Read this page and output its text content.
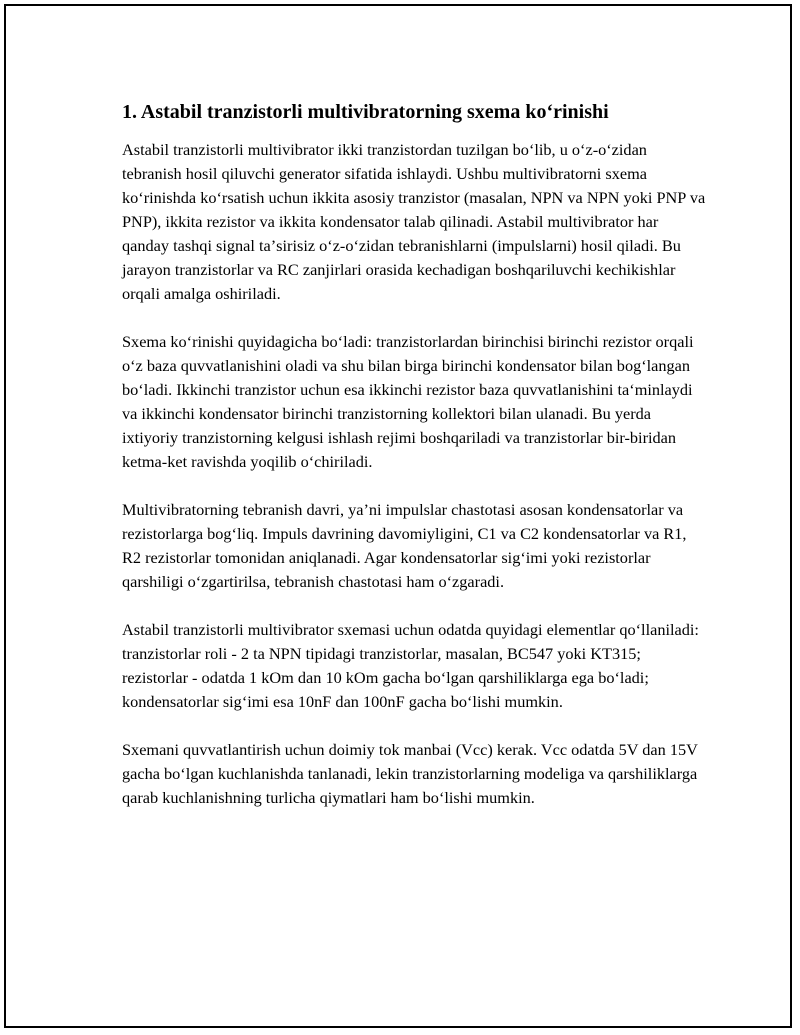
1. Astabil tranzistorli multivibratorning sxema koʻrinishi

Astabil tranzistorli multivibrator ikki tranzistordan tuzilgan boʻlib, u oʻz-oʻzidan tebranish hosil qiluvchi generator sifatida ishlaydi. Ushbu multivibratorni sxema koʻrinishda koʻrsatish uchun ikkita asosiy tranzistor (masalan, NPN va NPN yoki PNP va PNP), ikkita rezistor va ikkita kondensator talab qilinadi. Astabil multivibrator har qanday tashqi signal taʼsirisiz oʻz-oʻzidan tebranishlarni (impulslarni) hosil qiladi. Bu jarayon tranzistorlar va RC zanjirlari orasida kechadigan boshqariluvchi kechikishlar orqali amalga oshiriladi.

Sxema koʻrinishi quyidagicha boʻladi: tranzistorlardan birinchisi birinchi rezistor orqali oʻz baza quvvatlanishini oladi va shu bilan birga birinchi kondensator bilan bogʻlangan boʻladi. Ikkinchi tranzistor uchun esa ikkinchi rezistor baza quvvatlanishini taʻminlaydi va ikkinchi kondensator birinchi tranzistorning kollektori bilan ulanadi. Bu yerda ixtiyoriy tranzistorning kelgusi ishlash rejimi boshqariladi va tranzistorlar bir-biridan ketma-ket ravishda yoqilib oʻchiriladi.

Multivibratorning tebranish davri, yaʼni impulslar chastotasi asosan kondensatorlar va rezistorlarga bogʻliq. Impuls davrining davomiyligini, C1 va C2 kondensatorlar va R1, R2 rezistorlar tomonidan aniqlanadi. Agar kondensatorlar sigʻimi yoki rezistorlar qarshiligi oʻzgartirilsa, tebranish chastotasi ham oʻzgaradi.

Astabil tranzistorli multivibrator sxemasi uchun odatda quyidagi elementlar qoʻllaniladi: tranzistorlar roli - 2 ta NPN tipidagi tranzistorlar, masalan, BC547 yoki KT315; rezistorlar - odatda 1 kOm dan 10 kOm gacha boʻlgan qarshiliklarga ega boʻladi; kondensatorlar sigʻimi esa 10nF dan 100nF gacha boʻlishi mumkin.

Sxemani quvvatlantirish uchun doimiy tok manbai (Vcc) kerak. Vcc odatda 5V dan 15V gacha boʻlgan kuchlanishda tanlanadi, lekin tranzistorlarning modeliga va qarshiliklarga qarab kuchlanishning turlicha qiymatlari ham boʻlishi mumkin.
